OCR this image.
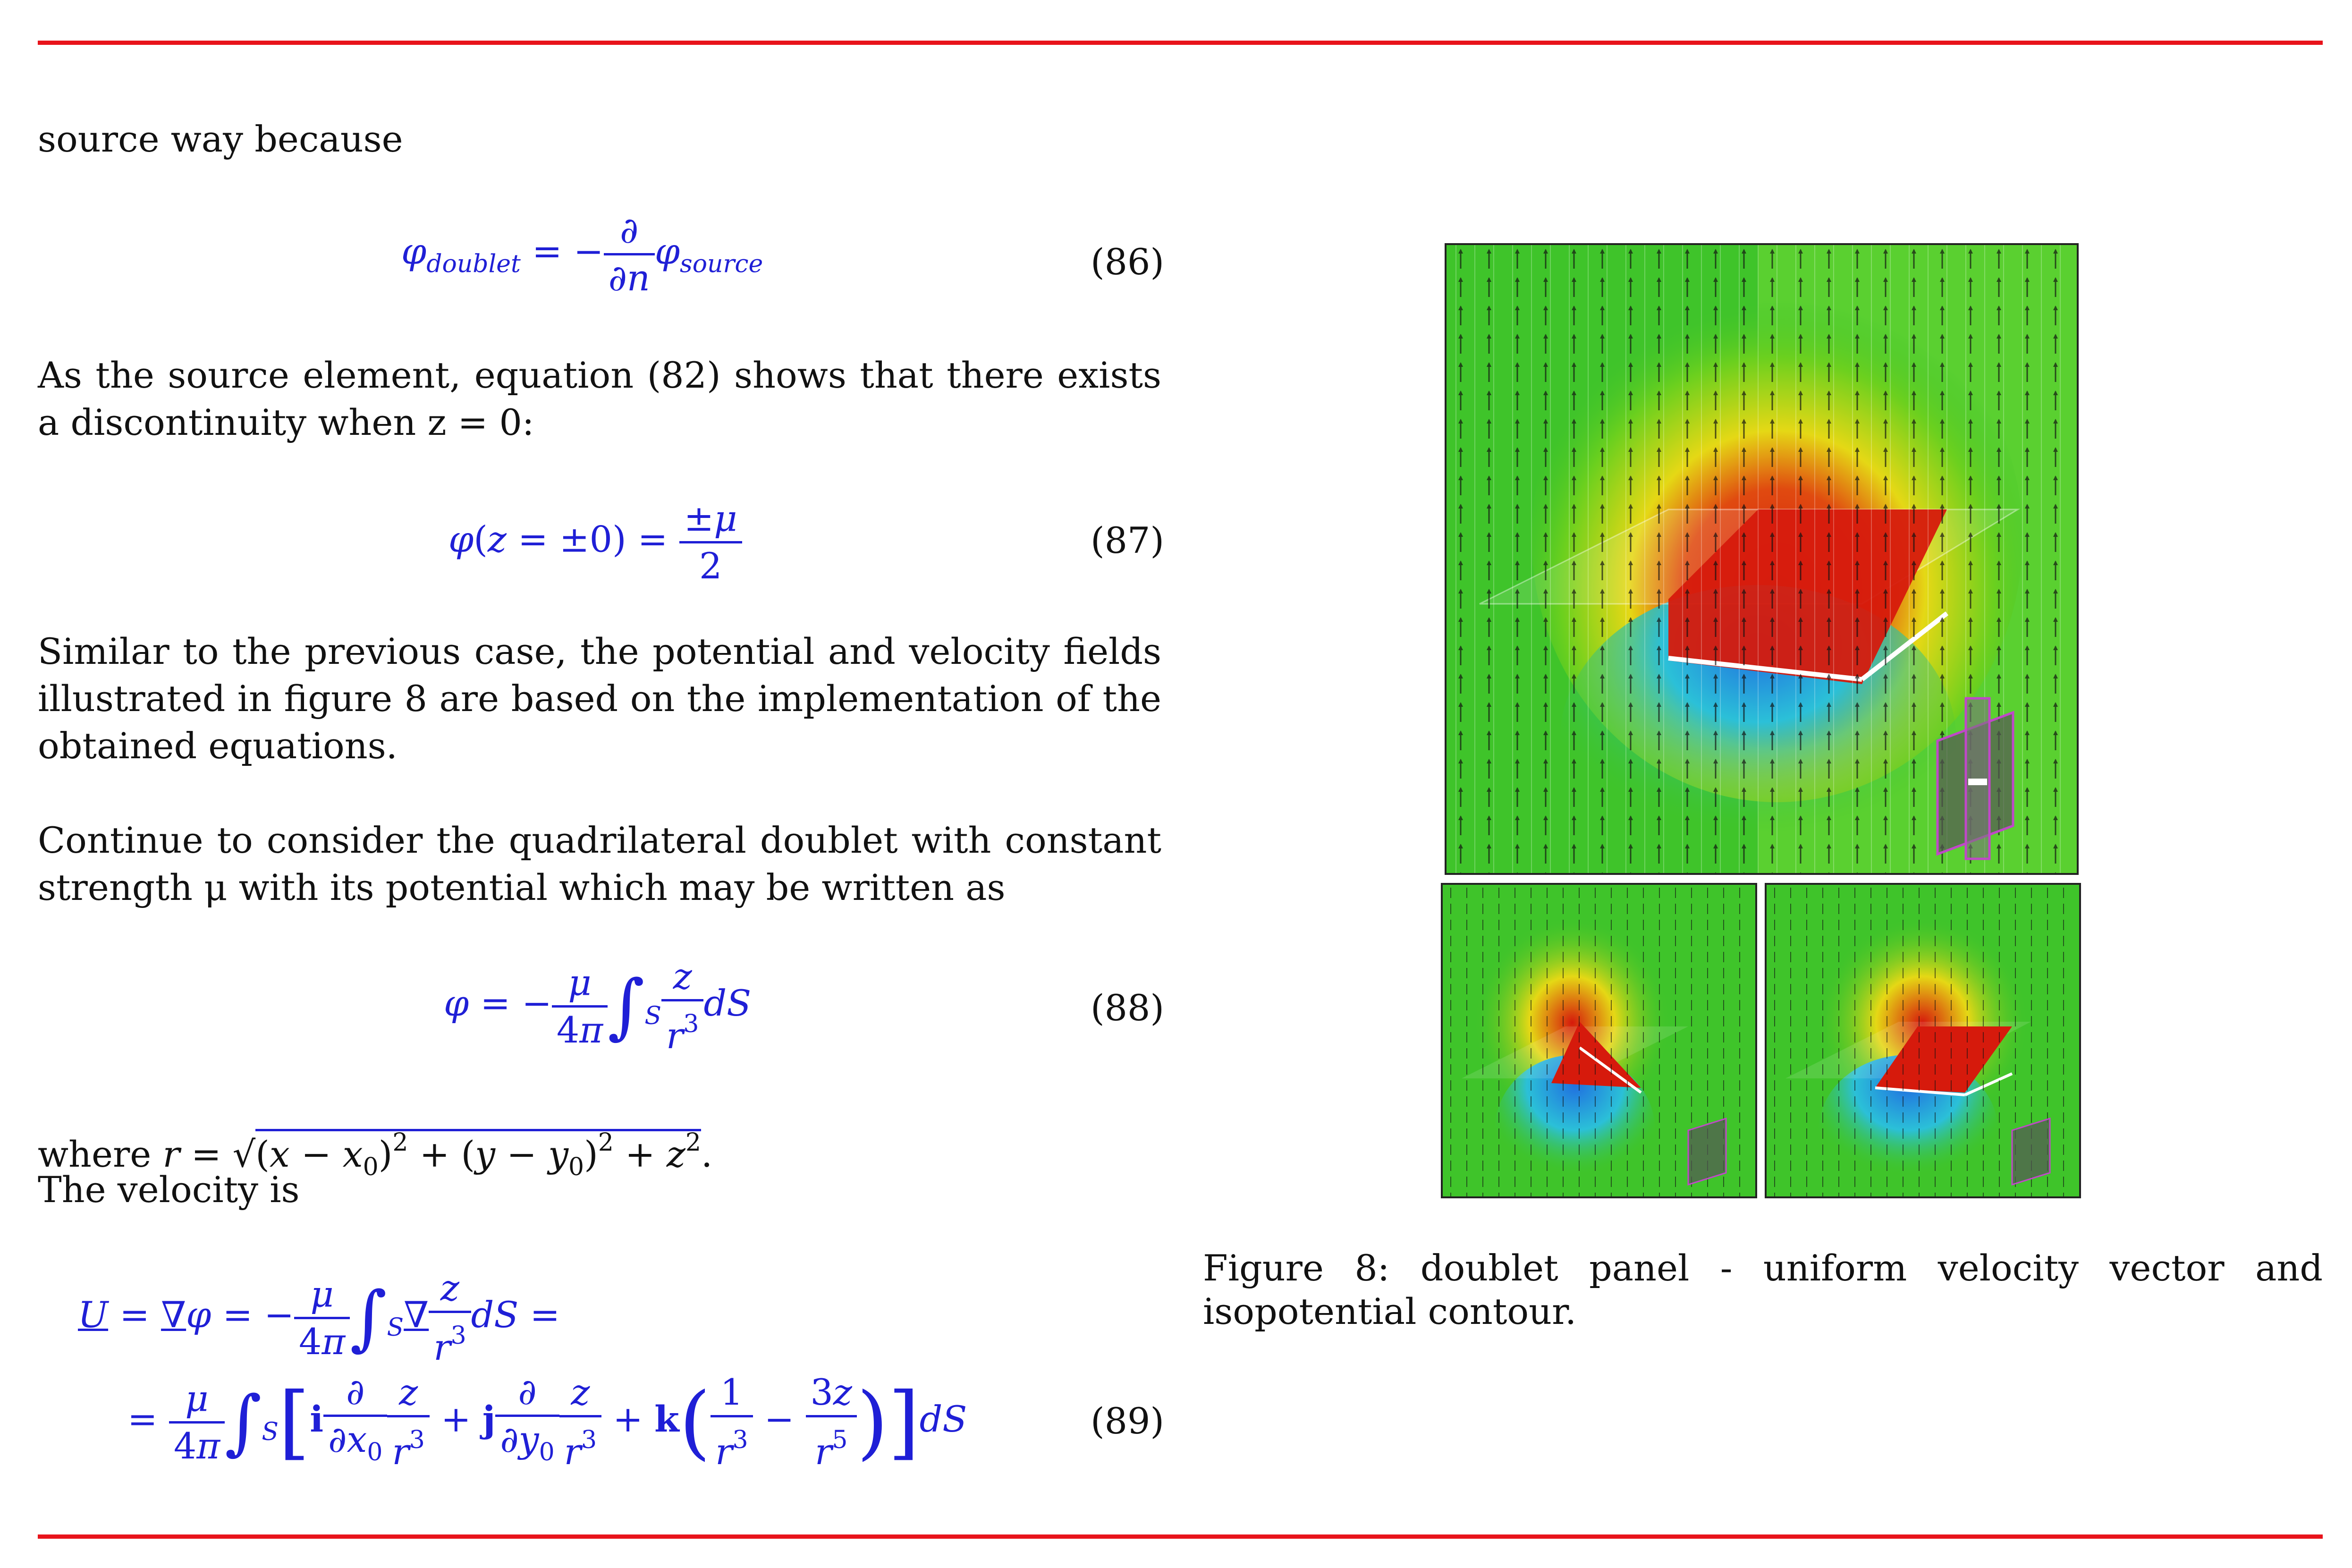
source way because
$\varphi_{doublet}$ = − $\frac{\partial}{\partial n} \varphi_{source}$	(86)
As the source element, equation (82) shows that there exists a discontinuity when z = 0:
$\varphi(z = \pm 0) = \frac{\pm\mu}{2}$	(87)
Similar to the previous case, the potential and velocity fields illustrated in figure 8 are based on the implementation of the obtained equations.
Continue to consider the quadrilateral doublet with constant strength μ with its potential which may be written as
φ = − $\frac{\mu}{4\pi} \int_S \frac{z}{r^3}$ dS	(88)
where $r = √(x - x_0)^2 + (y - y_0)^2 + z^2$.
The velocity is
U = ∇φ = − $\frac{\mu}{4\pi} \int_S\nabla \frac{z}{r^3}$ dS =
= $\frac{\mu}{4\pi} \int_S[i \frac{\partial}{\partial x_0} \frac{z}{r^3} + j \frac{\partial}{\partial y_0} \frac{z}{r^3} + k( \frac{1}{r^3} - \frac{3z}{r^5} )]dS$	(89)
Figure 8: doublet panel - uniform velocity vector and isopotential contour.
